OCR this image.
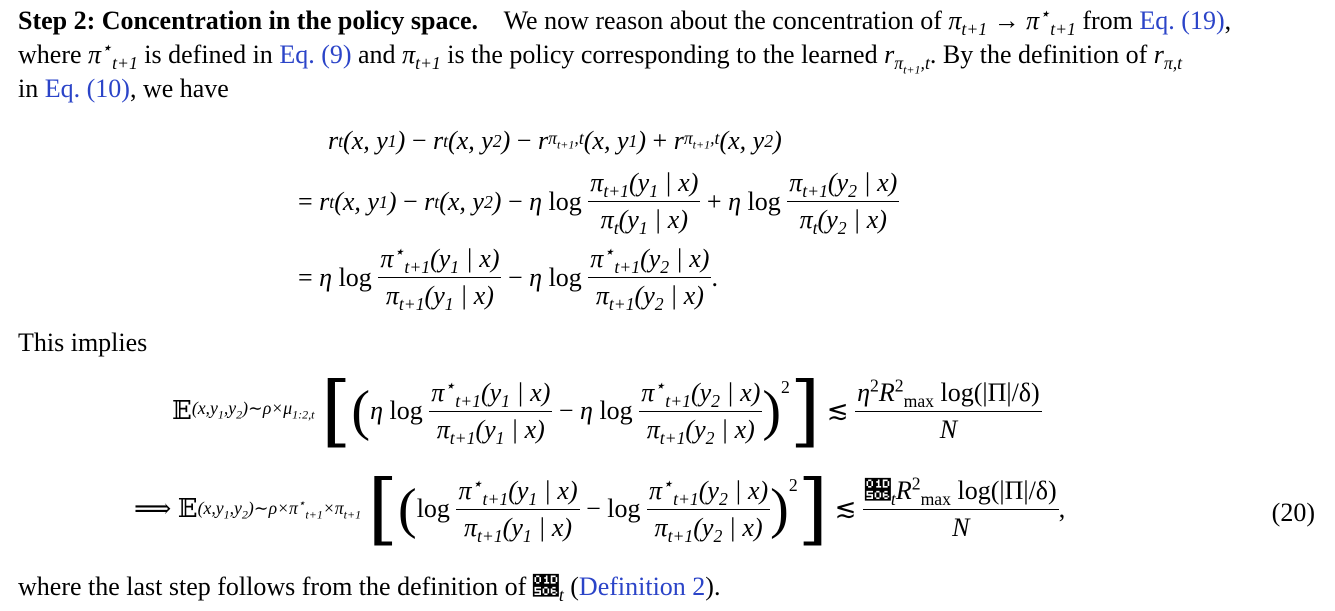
Step 2: Concentration in the policy space. We now reason about the concentration of $\pi_{t+1} \to \pi^⋆_{t+1}$ from Eq. (19),
where $\pi^⋆_{t+1}$ is defined in Eq. (9) and $\pi_{t+1}$ is the policy corresponding to the learned $r_{\pi_{t+1},t}$. By the definition of $r_{\pi,t}$
in Eq. (10), we have
r t (x, y 1 ) − r t (x, y 2 ) − r $\pi_{t+1},t$ (x, y 1 ) + r $\pi_{t+1},t$ (x, y 2 )
= r t (x, y 1 ) − r t (x, y 2 ) − η $\log \frac{\pi_{t+1}(y_1 | x)}{\pi_t(y_1 | x)} + \eta$ $\log \frac{\pi_{t+1}(y_2 | x)}{\pi_t(y_2 | x)}$
= η $\log \frac{\pi^⋆_{t+1}(y_1 | x)}{\pi_{t+1}(y_1 | x)} - \eta$ $\log \frac{\pi^⋆_{t+1}(y_2 | x)}{\pi_{t+1}(y_2 | x)}$ .
This implies
𝔼 $(x,y_1,y_2)\sim\rho\times\mu_{1:2,t}$
[ ( η $\log \frac{\pi^⋆_{t+1}(y_1 | x)}{\pi_{t+1}(y_1 | x)} - \eta$ $\log \frac{\pi^⋆_{t+1}(y_2 | x)}{\pi_{t+1}(y_2 | x)} )^2$ ] ≲ $\frac{\eta^2R^2_{max} \log(|\Pi|/\delta)}{N}$
⟹ 𝔼 $(x,y_1,y_2)\sim\rho\times\pi^⋆_{t+1}\times\pi_{t+1}$
[ ( $\log \frac{\pi^⋆_{t+1}(y_1 | x)}{\pi_{t+1}(y_1 | x)} - \log \frac{\pi^⋆_{t+1}(y_2 | x)}{\pi_{t+1}(y_2 | x)} )^2$ ] ≲ $\frac{𝔆_tR^2_{max} \log(|\Pi|/\delta)}{N}$ ,	(20)
where the last step follows from the definition of $𝔆_t$ (Definition 2).
